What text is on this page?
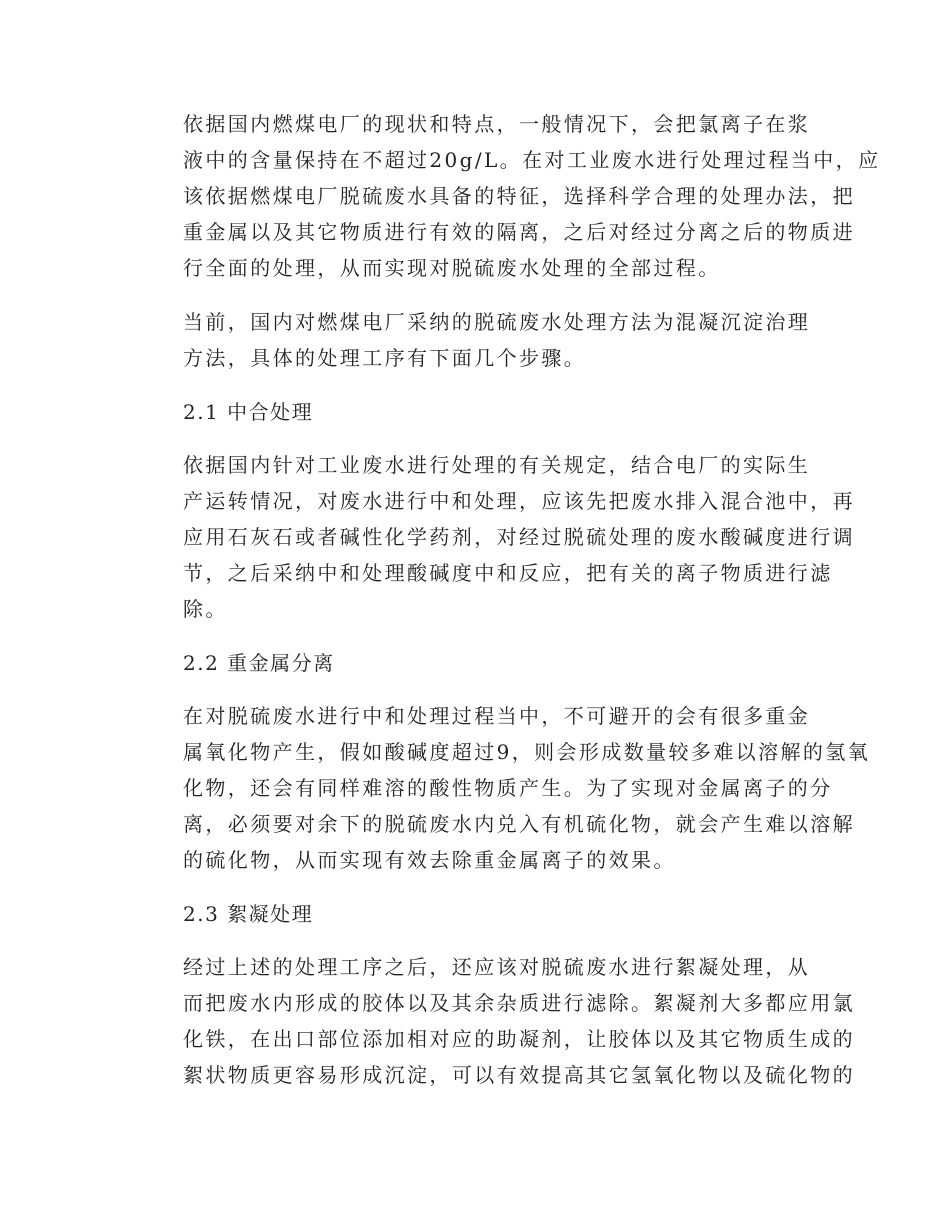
依据国内燃煤电厂的现状和特点，一般情况下，会把氯离子在浆
液中的含量保持在不超过20g/L。在对工业废水进行处理过程当中，应
该依据燃煤电厂脱硫废水具备的特征，选择科学合理的处理办法，把
重金属以及其它物质进行有效的隔离，之后对经过分离之后的物质进
行全面的处理，从而实现对脱硫废水处理的全部过程。
当前，国内对燃煤电厂采纳的脱硫废水处理方法为混凝沉淀治理
方法，具体的处理工序有下面几个步骤。
2.1 中合处理
依据国内针对工业废水进行处理的有关规定，结合电厂的实际生
产运转情况，对废水进行中和处理，应该先把废水排入混合池中，再
应用石灰石或者碱性化学药剂，对经过脱硫处理的废水酸碱度进行调
节，之后采纳中和处理酸碱度中和反应，把有关的离子物质进行滤
除。
2.2 重金属分离
在对脱硫废水进行中和处理过程当中，不可避开的会有很多重金
属氧化物产生，假如酸碱度超过9，则会形成数量较多难以溶解的氢氧
化物，还会有同样难溶的酸性物质产生。为了实现对金属离子的分
离，必须要对余下的脱硫废水内兑入有机硫化物，就会产生难以溶解
的硫化物，从而实现有效去除重金属离子的效果。
2.3 絮凝处理
经过上述的处理工序之后，还应该对脱硫废水进行絮凝处理，从
而把废水内形成的胶体以及其余杂质进行滤除。絮凝剂大多都应用氯
化铁，在出口部位添加相对应的助凝剂，让胶体以及其它物质生成的
絮状物质更容易形成沉淀，可以有效提高其它氢氧化物以及硫化物的
